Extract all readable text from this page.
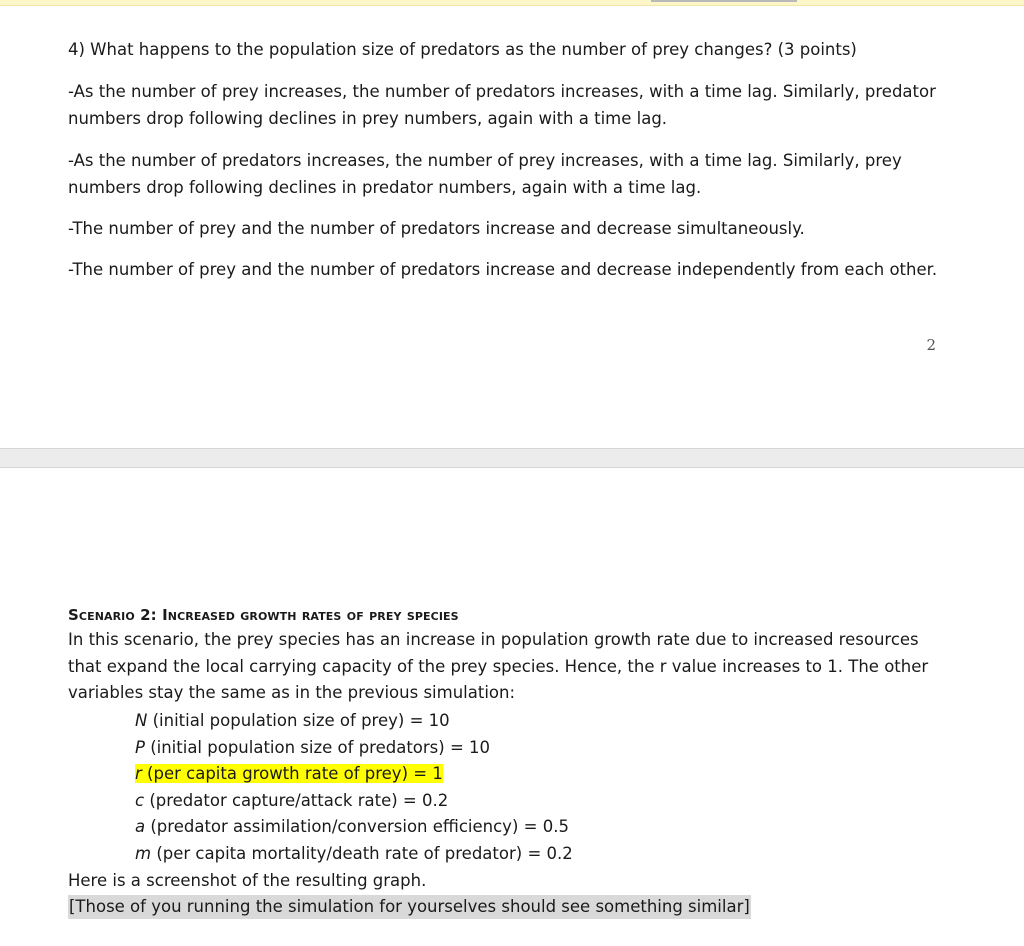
4) What happens to the population size of predators as the number of prey changes? (3 points)

-As the number of prey increases, the number of predators increases, with a time lag. Similarly, predator numbers drop following declines in prey numbers, again with a time lag.

-As the number of predators increases, the number of prey increases, with a time lag. Similarly, prey numbers drop following declines in predator numbers, again with a time lag.

-The number of prey and the number of predators increase and decrease simultaneously.

-The number of prey and the number of predators increase and decrease independently from each other.

2
Scenario 2: Increased growth rates of prey species

In this scenario, the prey species has an increase in population growth rate due to increased resources that expand the local carrying capacity of the prey species. Hence, the r value increases to 1. The other variables stay the same as in the previous simulation:

N (initial population size of prey) = 10
P (initial population size of predators) = 10
r (per capita growth rate of prey) = 1
c (predator capture/attack rate) = 0.2
a (predator assimilation/conversion efficiency) = 0.5
m (per capita mortality/death rate of predator) = 0.2

Here is a screenshot of the resulting graph.

[Those of you running the simulation for yourselves should see something similar]
